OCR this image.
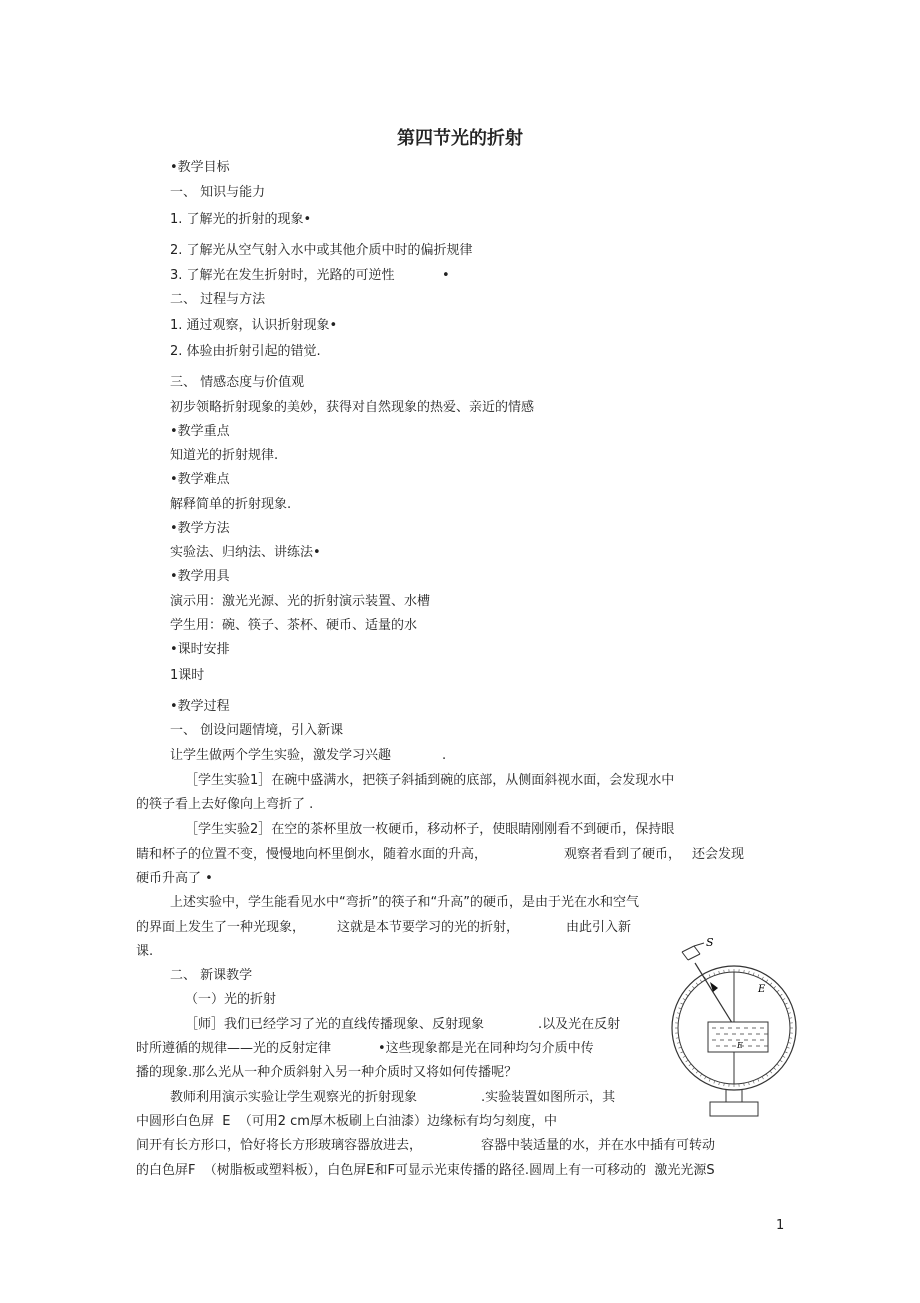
第四节光的折射
•教学目标
一、 知识与能力
1. 了解光的折射的现象•
2. 了解光从空气射入水中或其他介质中时的偏折规律
3. 了解光在发生折射时，光路的可逆性	•
二、 过程与方法
1. 通过观察，认识折射现象•
2. 体验由折射引起的错觉.
三、 情感态度与价值观
初步领略折射现象的美妙，获得对自然现象的热爱、亲近的情感
•教学重点
知道光的折射规律.
•教学难点
解释简单的折射现象.
•教学方法
实验法、归纳法、讲练法•
•教学用具
演示用：激光光源、光的折射演示装置、水槽
学生用：碗、筷子、茶杯、硬币、适量的水
•课时安排
1课时
•教学过程
一、 创设问题情境，引入新课
让学生做两个学生实验，激发学习兴趣	.
［学生实验1］在碗中盛满水，把筷子斜插到碗的底部，从侧面斜视水面，会发现水中
的筷子看上去好像向上弯折了 .
［学生实验2］在空的茶杯里放一枚硬币，移动杯子，使眼睛刚刚看不到硬币，保持眼
睛和杯子的位置不变，慢慢地向杯里倒水，随着水面的升高，	观察者看到了硬币， 还会发现
硬币升高了 •
上述实验中，学生能看见水中“弯折”的筷子和“升高”的硬币，是由于光在水和空气
的界面上发生了一种光现象， 这就是本节要学习的光的折射，	由此引入新
课.
二、 新课教学
（一）光的折射
［师］我们已经学习了光的直线传播现象、反射现象	.以及光在反射
时所遵循的规律——光的反射定律	•这些现象都是光在同种均匀介质中传
播的现象.那么光从一种介质斜射入另一种介质时又将如何传播呢？
教师利用演示实验让学生观察光的折射现象	.实验装置如图所示，其
中圆形白色屏  E  （可用2 cm厚木板刷上白油漆）边缘标有均匀刻度，中
间开有长方形口，恰好将长方形玻璃容器放进去，	容器中装适量的水，并在水中插有可转动
的白色屏F  （树脂板或塑料板），白色屏E和F可显示光束传播的路径.圆周上有一可移动的  激光光源S
S
E
E
1
